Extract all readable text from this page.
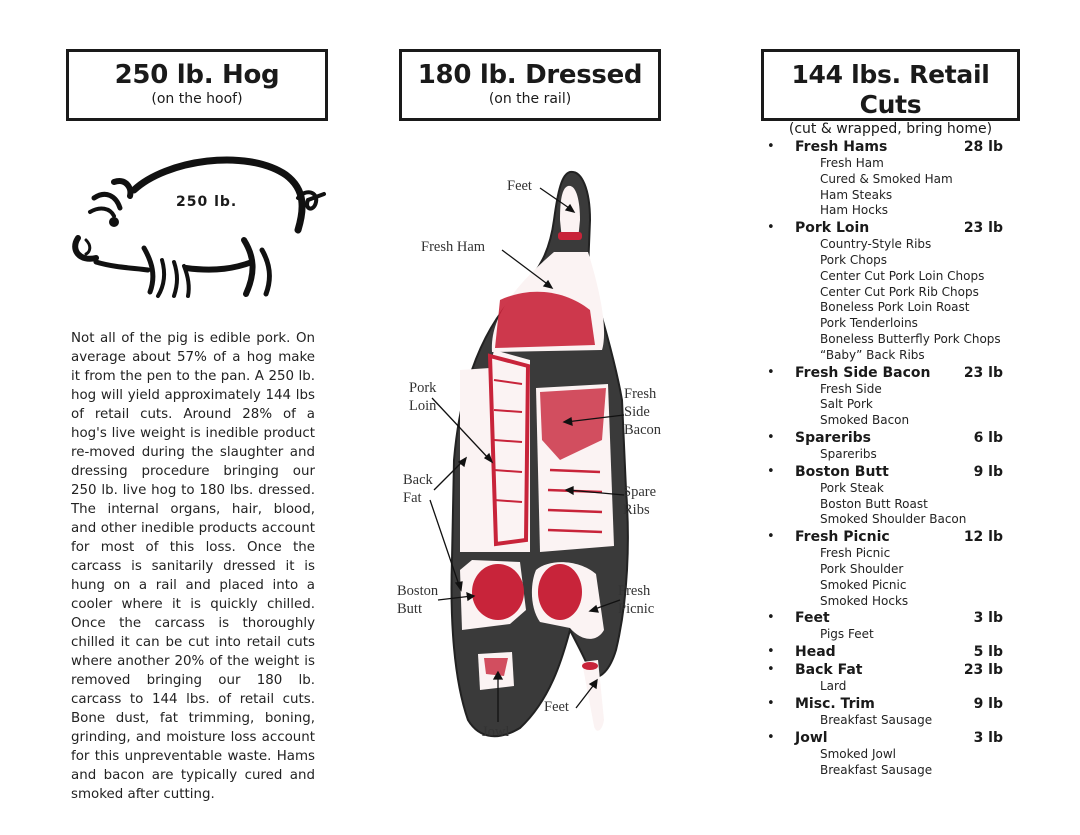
250 lb. Hog
(on the hoof)
180 lb. Dressed
(on the rail)
144 lbs. Retail Cuts
(cut & wrapped, bring home)
250 lb.
Not all of the pig is edible pork. On average about 57% of a hog make it from the pen to the pan. A 250 lb. hog will yield approximately 144 lbs of retail cuts. Around 28% of a hog's live weight is inedible product re-moved during the slaughter and dressing procedure bringing our 250 lb. live hog to 180 lbs. dressed. The internal organs, hair, blood, and other inedible products account for most of this loss. Once the carcass is sanitarily dressed it is hung on a rail and placed into a cooler where it is quickly chilled. Once the carcass is thoroughly chilled it can be cut into retail cuts where another 20% of the weight is removed bringing our 180 lb. carcass to 144 lbs. of retail cuts. Bone dust, fat trimming, boning, grinding, and moisture loss account for this unpreventable waste. Hams and bacon are typically cured and smoked after cutting.
Feet
Fresh Ham
Pork
Loin
Fresh
Side
Bacon
Back
Fat	Spare
Ribs
Boston
Butt
Fresh
Picnic
Feet
Jowl
• Fresh Hams	28 lb
Fresh Ham
Cured & Smoked Ham
Ham Steaks
Ham Hocks
• Pork Loin	23 lb
Country-Style Ribs
Pork Chops
Center Cut Pork Loin Chops
Center Cut Pork Rib Chops
Boneless Pork Loin Roast
Pork Tenderloins
Boneless Butterfly Pork Chops
“Baby” Back Ribs
• Fresh Side Bacon 23 lb
Fresh Side
Salt Pork
Smoked Bacon
• Spareribs	6 lb
Spareribs
• Boston Butt	9 lb
Pork Steak
Boston Butt Roast
Smoked Shoulder Bacon
• Fresh Picnic	12 lb
Fresh Picnic
Pork Shoulder
Smoked Picnic
Smoked Hocks
• Feet	3 lb
Pigs Feet
• Head	5 lb
• Back Fat	23 lb
Lard
• Misc. Trim	9 lb
Breakfast Sausage
• Jowl	3 lb
Smoked Jowl
Breakfast Sausage
